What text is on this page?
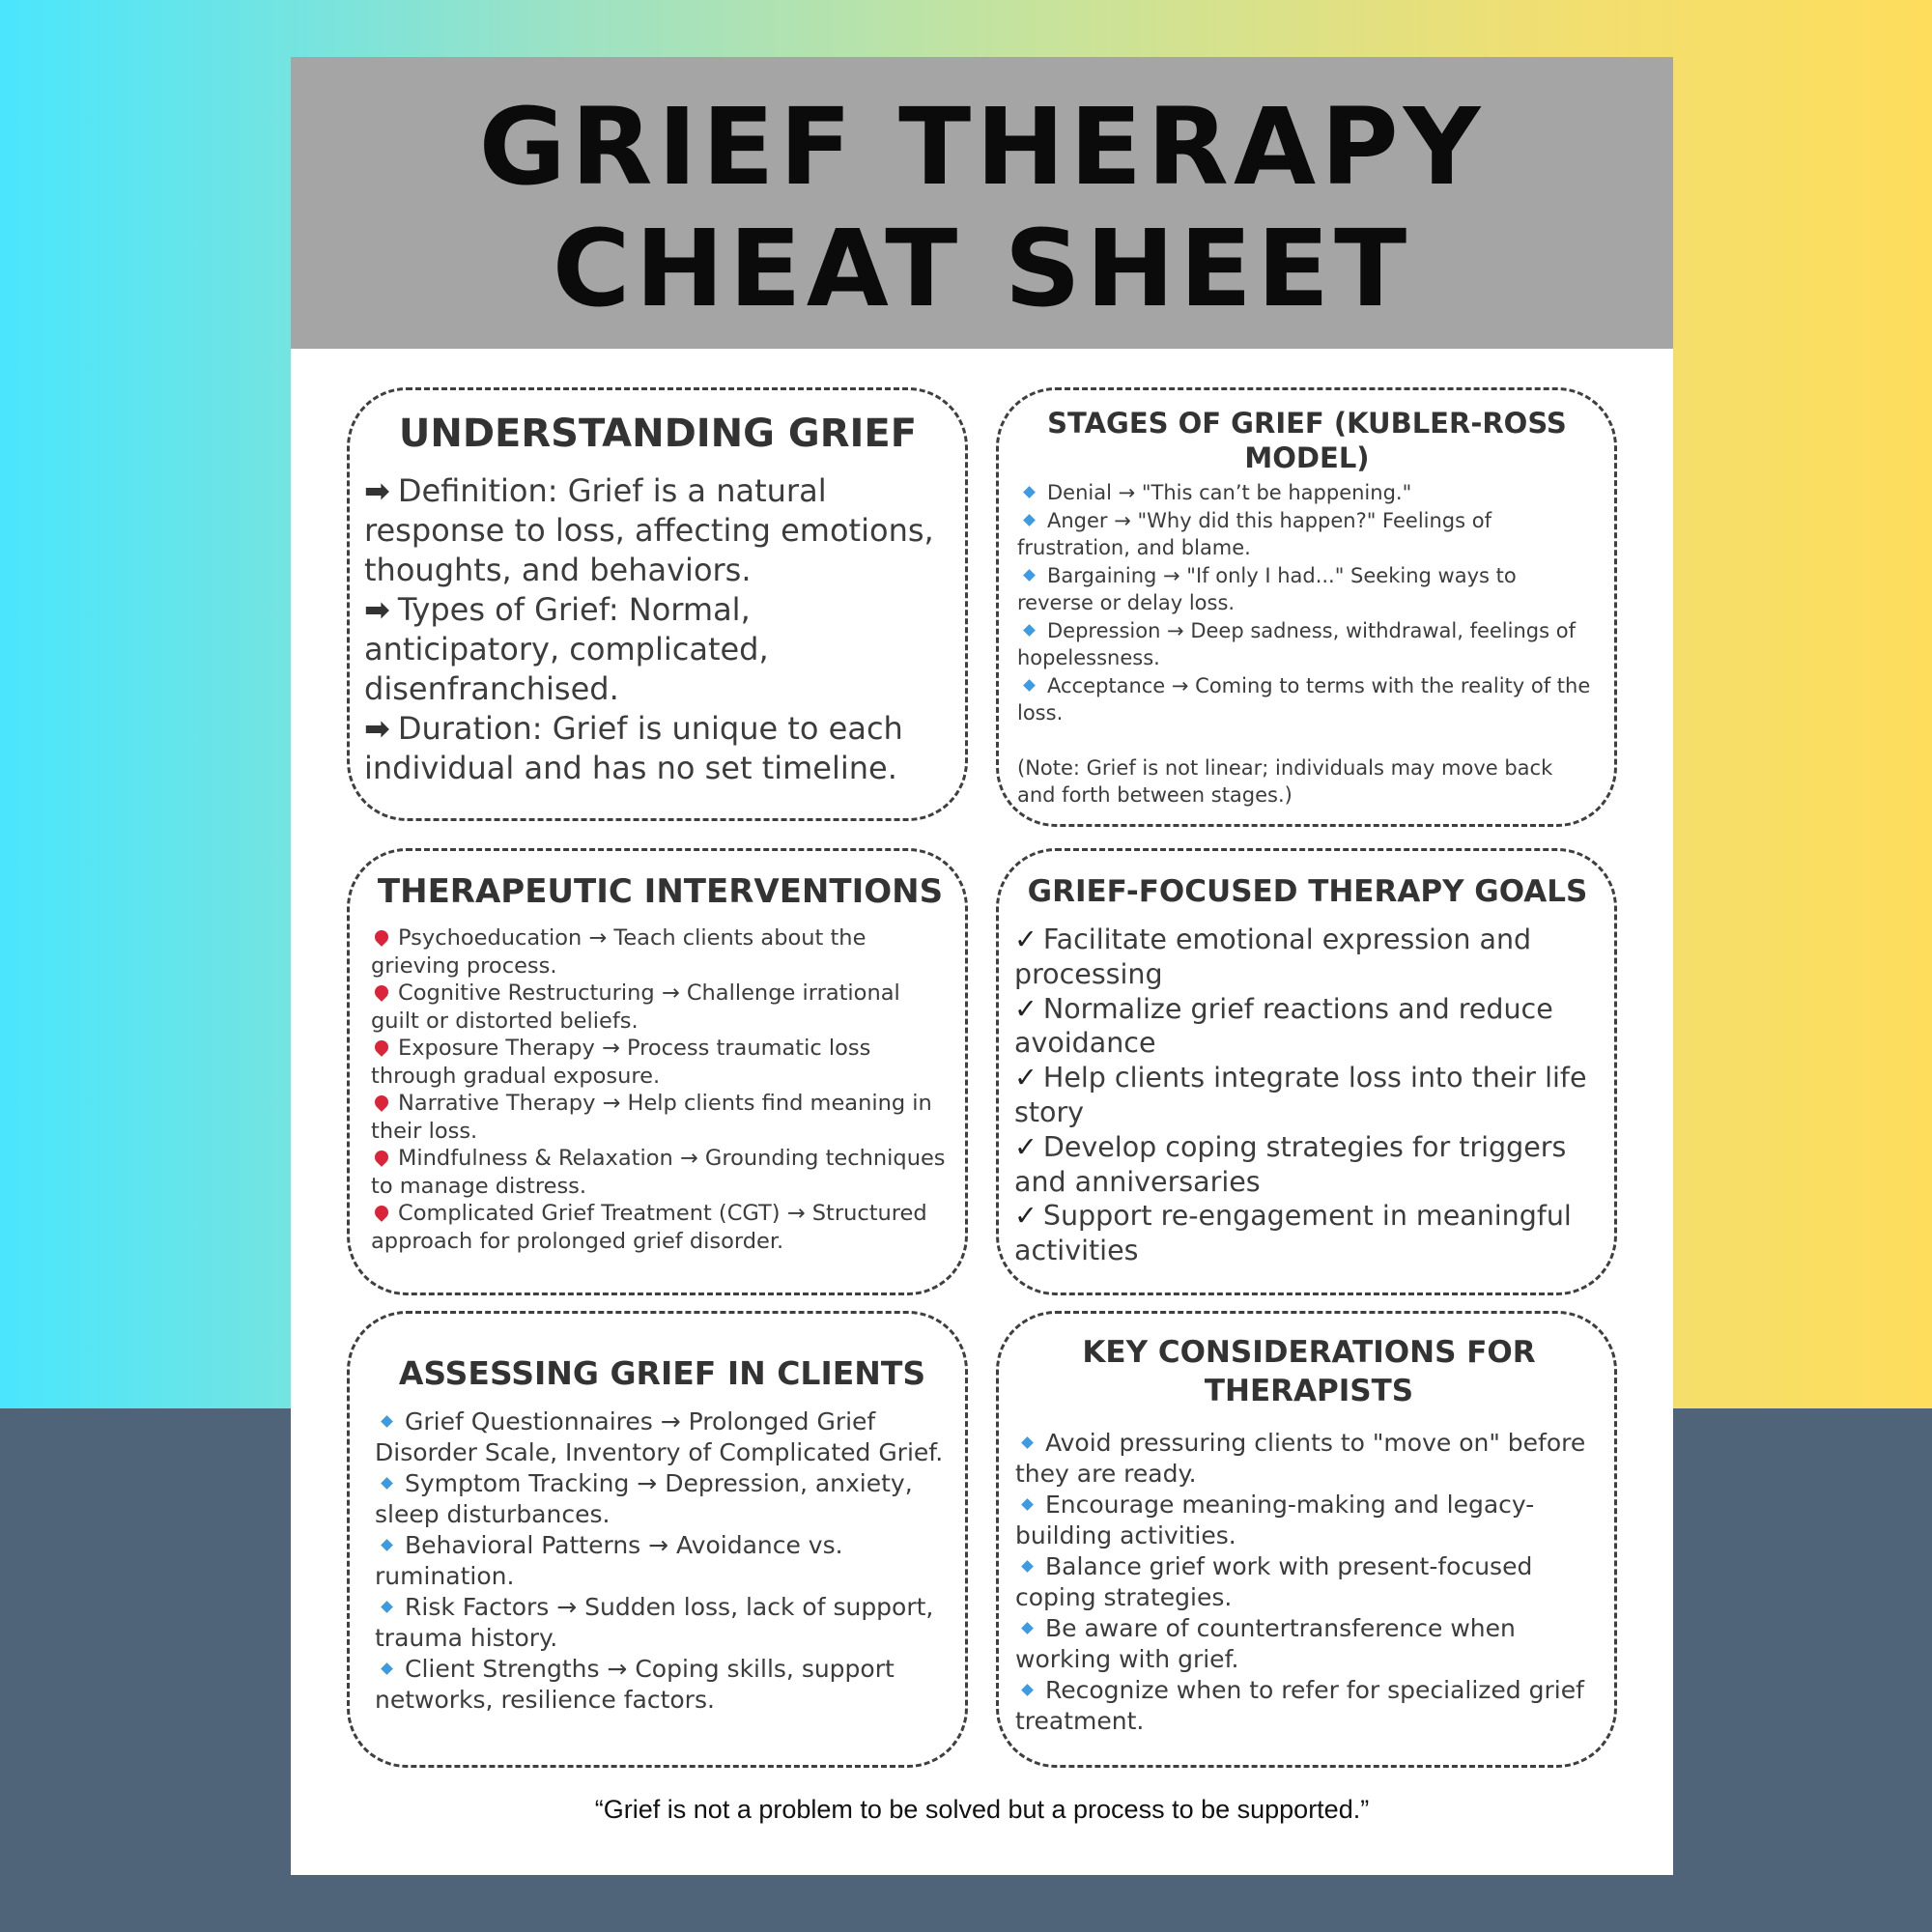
GRIEF THERAPY
CHEAT SHEET
UNDERSTANDING GRIEF
➡ Definition: Grief is a natural response to loss, affecting emotions, thoughts, and behaviors.
➡ Types of Grief: Normal, anticipatory, complicated, disenfranchised.
➡ Duration: Grief is unique to each individual and has no set timeline.
STAGES OF GRIEF (KUBLER-ROSS MODEL)
Denial → "This can’t be happening."
Anger → "Why did this happen?" Feelings of frustration, and blame.
Bargaining → "If only I had..." Seeking ways to reverse or delay loss.
Depression → Deep sadness, withdrawal, feelings of hopelessness.
Acceptance → Coming to terms with the reality of the loss.
(Note: Grief is not linear; individuals may move back and forth between stages.)
THERAPEUTIC INTERVENTIONS
Psychoeducation → Teach clients about the grieving process.
Cognitive Restructuring → Challenge irrational guilt or distorted beliefs.
Exposure Therapy → Process traumatic loss through gradual exposure.
Narrative Therapy → Help clients find meaning in their loss.
Mindfulness & Relaxation → Grounding techniques to manage distress.
Complicated Grief Treatment (CGT) → Structured approach for prolonged grief disorder.
GRIEF-FOCUSED THERAPY GOALS
✓ Facilitate emotional expression and processing
✓ Normalize grief reactions and reduce avoidance
✓ Help clients integrate loss into their life story
✓ Develop coping strategies for triggers and anniversaries
✓ Support re-engagement in meaningful activities
ASSESSING GRIEF IN CLIENTS
Grief Questionnaires → Prolonged Grief Disorder Scale, Inventory of Complicated Grief.
Symptom Tracking → Depression, anxiety, sleep disturbances.
Behavioral Patterns → Avoidance vs. rumination.
Risk Factors → Sudden loss, lack of support, trauma history.
Client Strengths → Coping skills, support networks, resilience factors.
KEY CONSIDERATIONS FOR THERAPISTS
Avoid pressuring clients to "move on" before they are ready.
Encourage meaning-making and legacy-building activities.
Balance grief work with present-focused coping strategies.
Be aware of countertransference when working with grief.
Recognize when to refer for specialized grief treatment.
“Grief is not a problem to be solved but a process to be supported.”
